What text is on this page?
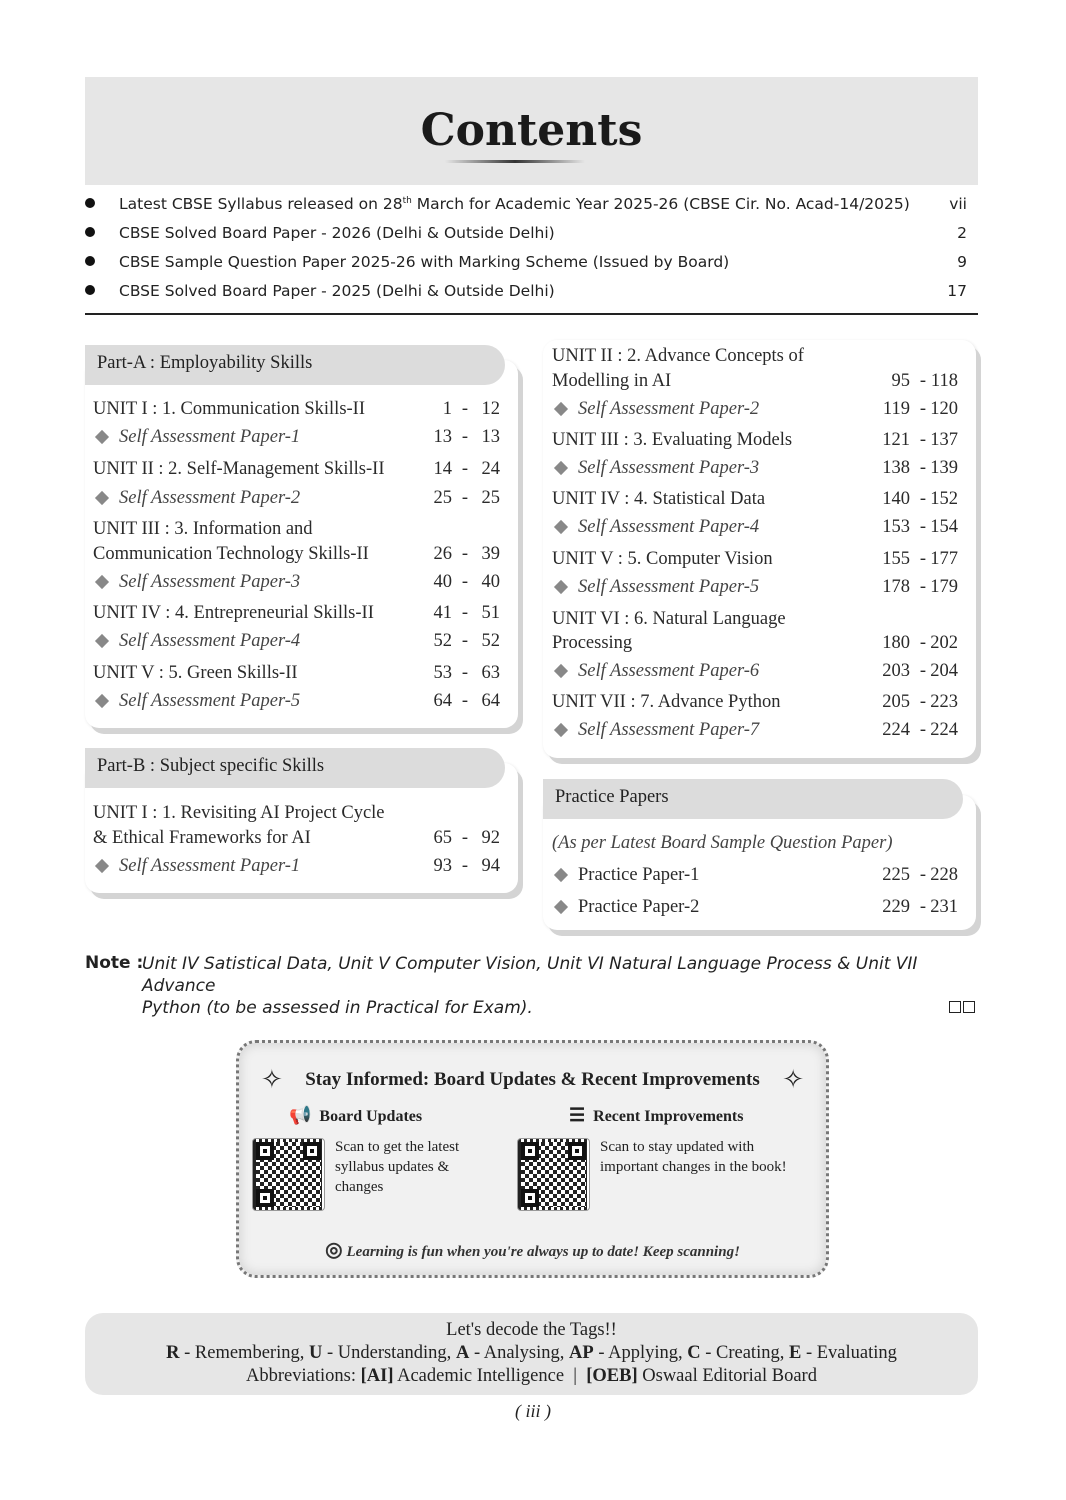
Contents
Latest CBSE Syllabus released on 28th March for Academic Year 2025-26 (CBSE Cir. No. Acad-14/2025)	vii
CBSE Solved Board Paper - 2026 (Delhi & Outside Delhi)	2
CBSE Sample Question Paper 2025-26 with Marking Scheme (Issued by Board)	9
CBSE Solved Board Paper - 2025 (Delhi & Outside Delhi)	17
Part-A : Employability Skills
UNIT I : 1. Communication Skills-II	1 - 12
Self Assessment Paper-1	13 - 13
UNIT II : 2. Self-Management Skills-II	14 - 24
Self Assessment Paper-2	25 - 25
UNIT III : 3. Information and
Communication Technology Skills-II	26 - 39
Self Assessment Paper-3	40 - 40
UNIT IV : 4. Entrepreneurial Skills-II	41 - 51
Self Assessment Paper-4	52 - 52
UNIT V : 5. Green Skills-II	53 - 63
Self Assessment Paper-5	64 - 64
Part-B : Subject specific Skills
UNIT I : 1. Revisiting AI Project Cycle
& Ethical Frameworks for AI	65 - 92
Self Assessment Paper-1	93 - 94
UNIT II : 2. Advance Concepts of
Modelling in AI	95 - 118
Self Assessment Paper-2	119 - 120
UNIT III : 3. Evaluating Models	121 - 137
Self Assessment Paper-3	138 - 139
UNIT IV : 4. Statistical Data	140 - 152
Self Assessment Paper-4	153 - 154
UNIT V : 5. Computer Vision	155 - 177
Self Assessment Paper-5	178 - 179
UNIT VI : 6. Natural Language
Processing	180 - 202
Self Assessment Paper-6	203 - 204
UNIT VII : 7. Advance Python	205 - 223
Self Assessment Paper-7	224 - 224
Practice Papers
(As per Latest Board Sample Question Paper)
Practice Paper-1	225 - 228
Practice Paper-2	229 - 231
Note :
Unit IV Satistical Data, Unit V Computer Vision, Unit VI Natural Language Process & Unit VII Advance
Python (to be assessed in Practical for Exam).
✧	Stay Informed: Board Updates & Recent Improvements ✧
📢 Board Updates	☰ Recent Improvements
Scan to get the latest syllabus updates & changes
Scan to stay updated with important changes in the book!
◎ Learning is fun when you're always up to date! Keep scanning!
Let's decode the Tags!!
R - Remembering, U - Understanding, A - Analysing, AP - Applying, C - Creating, E - Evaluating
Abbreviations: [AI] Academic Intelligence  |  [OEB] Oswaal Editorial Board
( iii )
